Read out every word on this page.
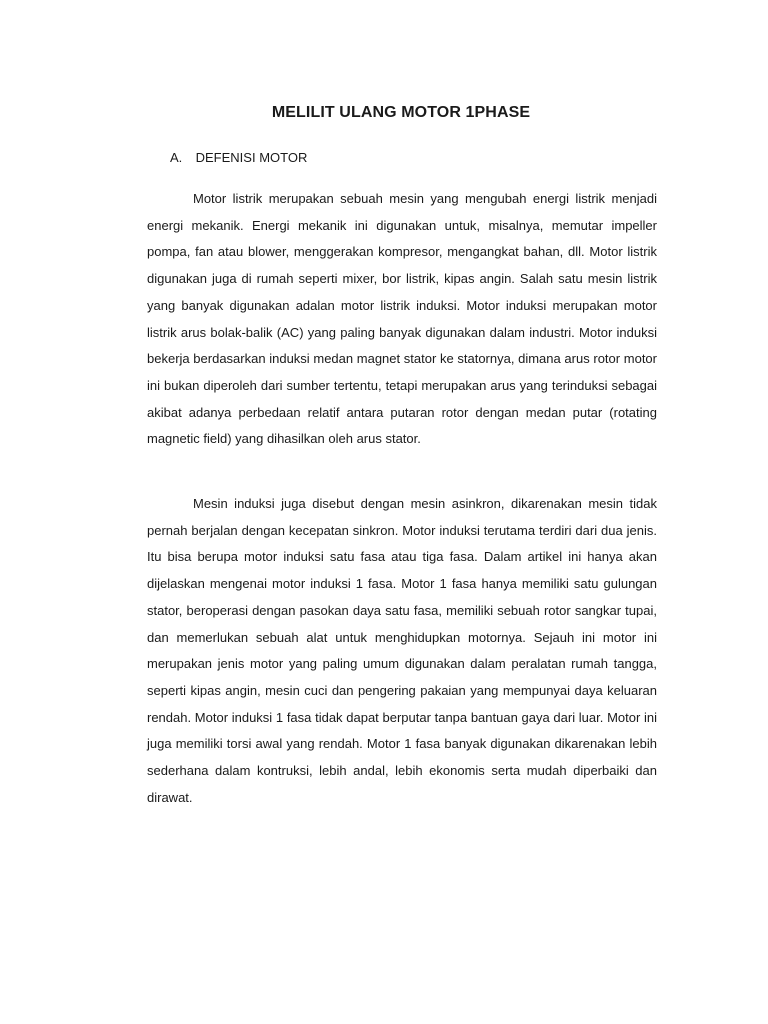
MELILIT ULANG MOTOR 1PHASE
A. DEFENISI MOTOR

Motor listrik merupakan sebuah mesin yang mengubah energi listrik menjadi energi mekanik. Energi mekanik ini digunakan untuk, misalnya, memutar impeller pompa, fan atau blower, menggerakan kompresor, mengangkat bahan, dll. Motor listrik digunakan juga di rumah seperti mixer, bor listrik, kipas angin. Salah satu mesin listrik yang banyak digunakan adalan motor listrik induksi. Motor induksi merupakan motor listrik arus bolak-balik (AC) yang paling banyak digunakan dalam industri. Motor induksi bekerja berdasarkan induksi medan magnet stator ke statornya, dimana arus rotor motor ini bukan diperoleh dari sumber tertentu, tetapi merupakan arus yang terinduksi sebagai akibat adanya perbedaan relatif antara putaran rotor dengan medan putar (rotating magnetic field) yang dihasilkan oleh arus stator.

Mesin induksi juga disebut dengan mesin asinkron, dikarenakan mesin tidak pernah berjalan dengan kecepatan sinkron. Motor induksi terutama terdiri dari dua jenis. Itu bisa berupa motor induksi satu fasa atau tiga fasa. Dalam artikel ini hanya akan dijelaskan mengenai motor induksi 1 fasa. Motor 1 fasa hanya memiliki satu gulungan stator, beroperasi dengan pasokan daya satu fasa, memiliki sebuah rotor sangkar tupai, dan memerlukan sebuah alat untuk menghidupkan motornya. Sejauh ini motor ini merupakan jenis motor yang paling umum digunakan dalam peralatan rumah tangga, seperti kipas angin, mesin cuci dan pengering pakaian yang mempunyai daya keluaran rendah. Motor induksi 1 fasa tidak dapat berputar tanpa bantuan gaya dari luar. Motor ini juga memiliki torsi awal yang rendah. Motor 1 fasa banyak digunakan dikarenakan lebih sederhana dalam kontruksi, lebih andal, lebih ekonomis serta mudah diperbaiki dan dirawat.
